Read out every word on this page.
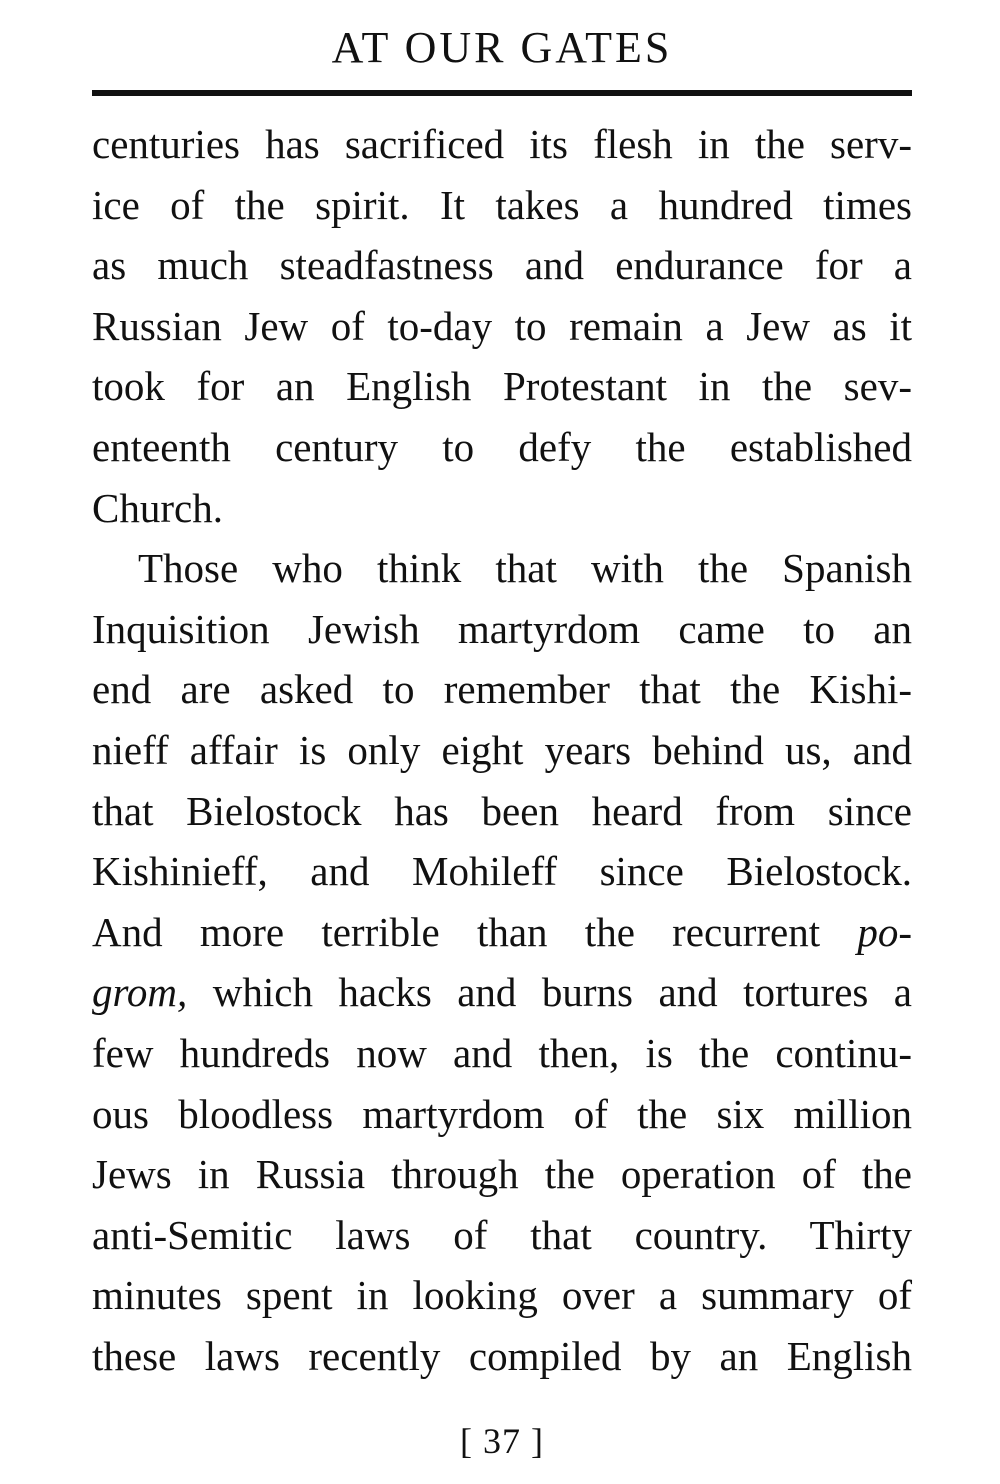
AT OUR GATES
centuries has sacrificed its flesh in the serv-
ice of the spirit. It takes a hundred times
as much steadfastness and endurance for a
Russian Jew of to-day to remain a Jew as it
took for an English Protestant in the sev-
enteenth century to defy the established
Church.
Those who think that with the Spanish
Inquisition Jewish martyrdom came to an
end are asked to remember that the Kishi-
nieff affair is only eight years behind us, and
that Bielostock has been heard from since
Kishinieff, and Mohileff since Bielostock.
And more terrible than the recurrent po-
grom, which hacks and burns and tortures a
few hundreds now and then, is the continu-
ous bloodless martyrdom of the six million
Jews in Russia through the operation of the
anti-Semitic laws of that country. Thirty
minutes spent in looking over a summary of
these laws recently compiled by an English
[ 37 ]
